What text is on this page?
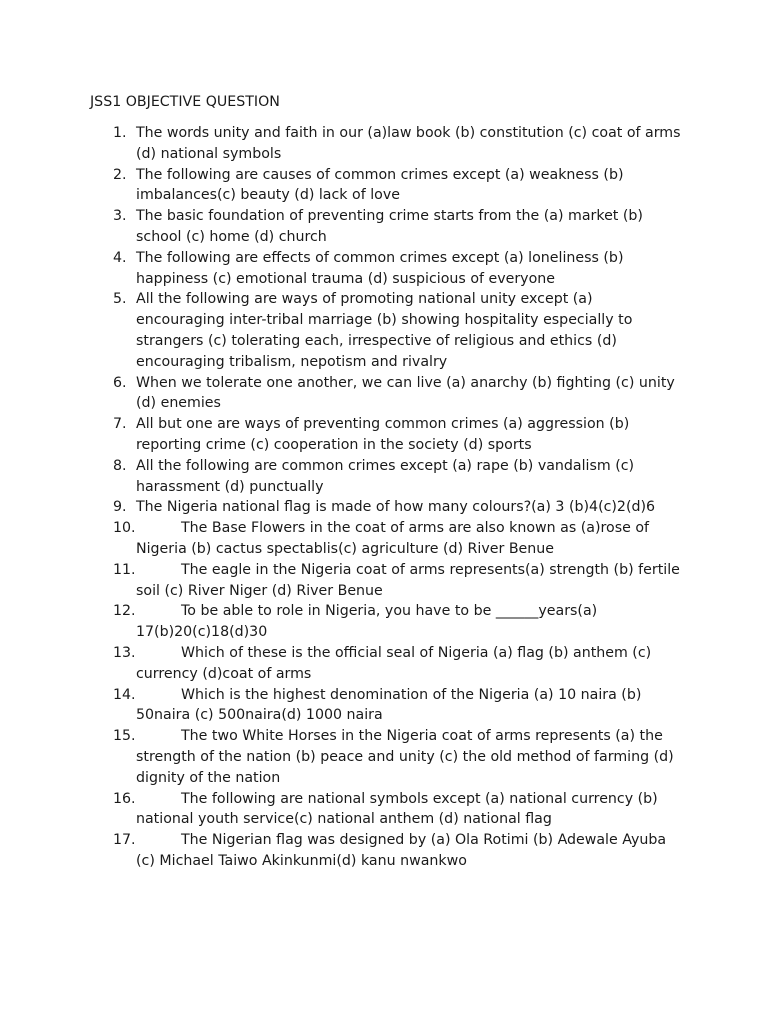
JSS1 OBJECTIVE QUESTION
1. The words unity and faith in our (a)law book (b) constitution (c) coat of arms (d) national symbols
2. The following are causes of common crimes except (a) weakness (b) imbalances(c) beauty (d) lack of love
3. The basic foundation of preventing crime starts from the (a) market (b) school (c) home (d) church
4. The following are effects of common crimes except (a) loneliness (b) happiness (c) emotional trauma (d) suspicious of everyone
5. All the following are ways of promoting national unity except (a) encouraging inter-tribal marriage (b) showing hospitality especially to strangers (c) tolerating each, irrespective of religious and ethics (d) encouraging tribalism, nepotism and rivalry
6. When we tolerate one another, we can live (a) anarchy (b) fighting (c) unity (d) enemies
7. All but one are ways of preventing common crimes (a) aggression (b) reporting crime (c) cooperation in the society (d) sports
8. All the following are common crimes except (a) rape (b) vandalism (c) harassment (d) punctually
9. The Nigeria national flag is made of how many colours?(a) 3 (b)4(c)2(d)6
10.	The Base Flowers in the coat of arms are also known as (a)rose of Nigeria (b) cactus spectablis(c) agriculture (d) River Benue
11.	The eagle in the Nigeria coat of arms represents(a) strength (b) fertile soil (c) River Niger (d) River Benue
12.	To be able to role in Nigeria, you have to be ______years(a) 17(b)20(c)18(d)30
13.	Which of these is the official seal of Nigeria (a) flag (b) anthem (c) currency (d)coat of arms
14.	Which is the highest denomination of the Nigeria (a) 10 naira (b) 50naira (c) 500naira(d) 1000 naira
15.	The two White Horses in the Nigeria coat of arms represents (a) the strength of the nation (b) peace and unity (c) the old method of farming (d) dignity of the nation
16.	The following are national symbols except (a) national currency (b) national youth service(c) national anthem (d) national flag
17.	The Nigerian flag was designed by (a) Ola Rotimi (b) Adewale Ayuba (c) Michael Taiwo Akinkunmi(d) kanu nwankwo
